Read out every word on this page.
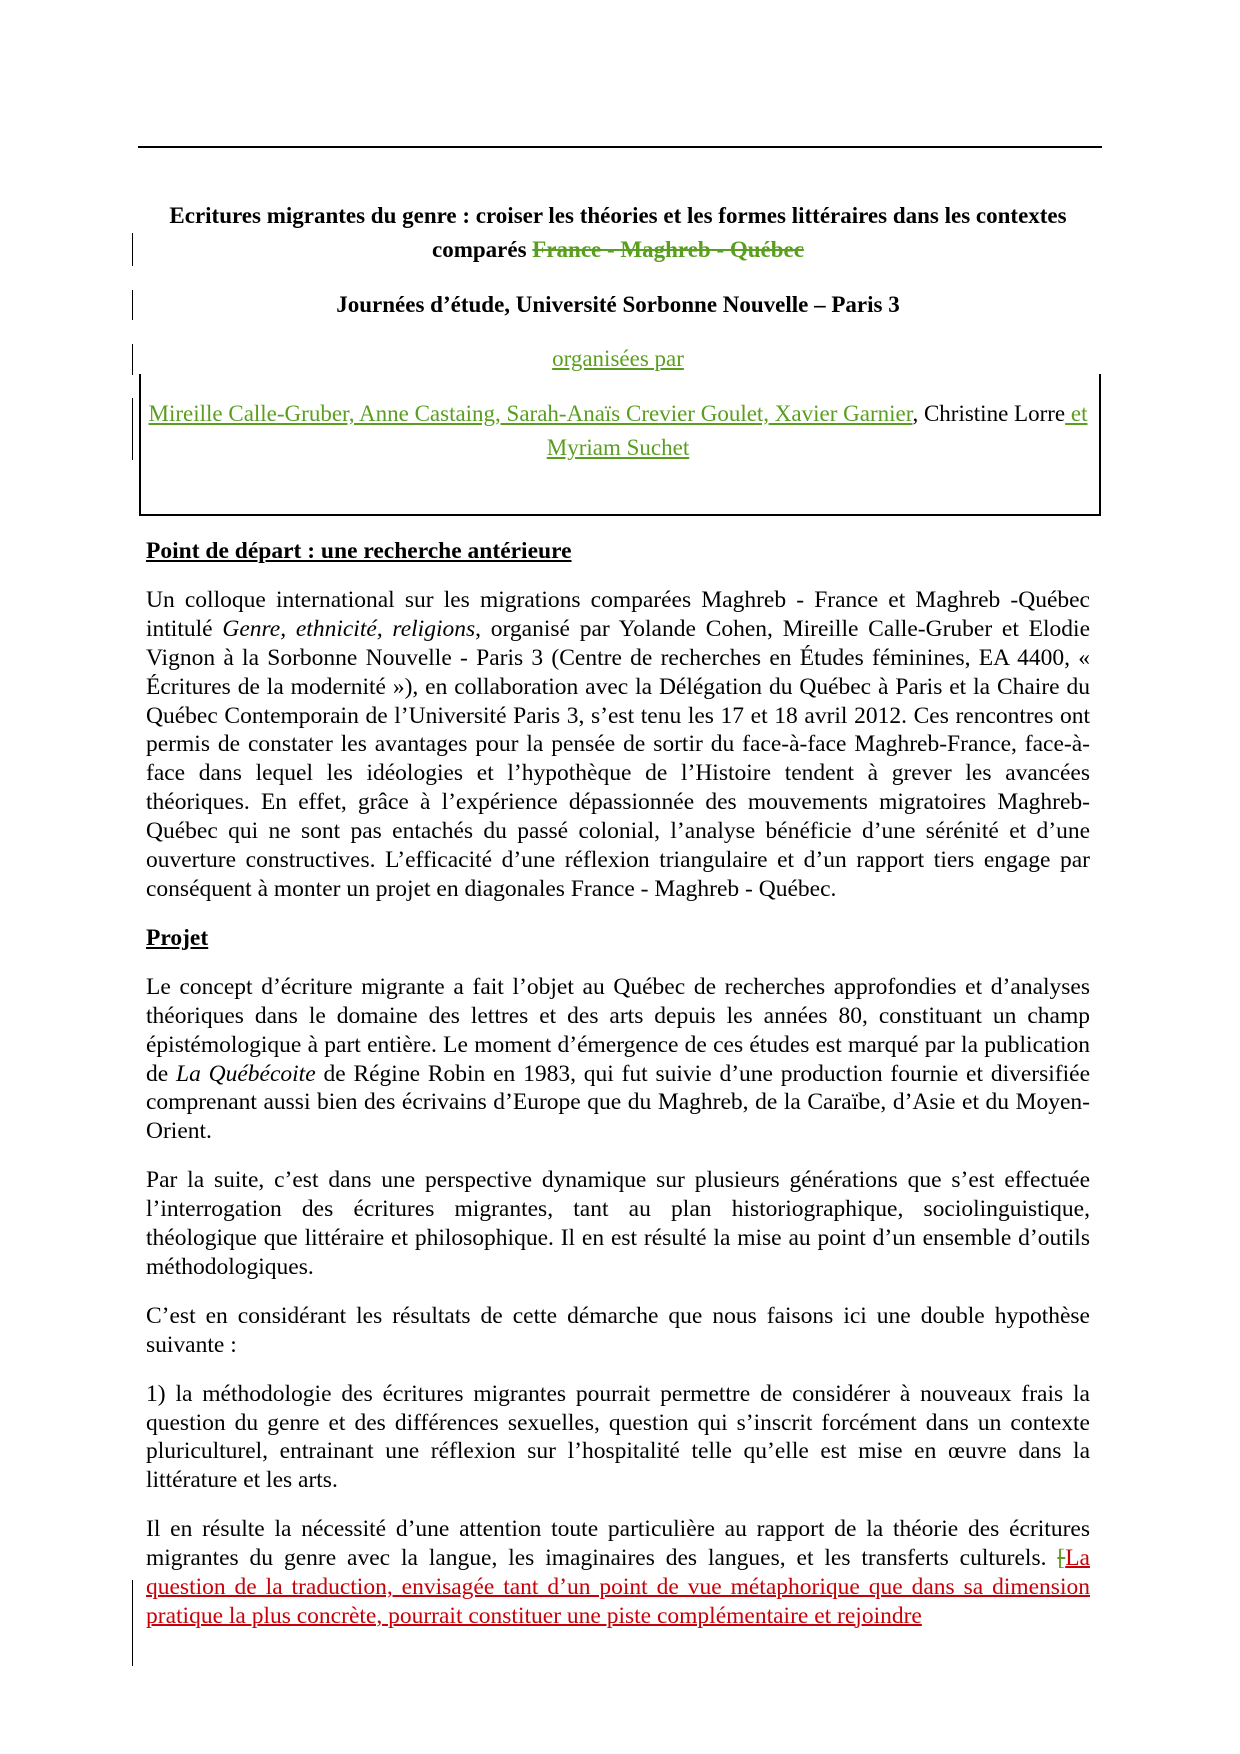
Ecritures migrantes du genre : croiser les théories et les formes littéraires dans les contextes comparés France - Maghreb - Québec
Journées d’étude, Université Sorbonne Nouvelle – Paris 3
organisées par
Mireille Calle-Gruber, Anne Castaing, Sarah-Anaïs Crevier Goulet, Xavier Garnier, Christine Lorre et Myriam Suchet
Point de départ : une recherche antérieure

Un colloque international sur les migrations comparées Maghreb - France et Maghreb -Québec intitulé Genre, ethnicité, religions, organisé par Yolande Cohen, Mireille Calle-Gruber et Elodie Vignon à la Sorbonne Nouvelle - Paris 3 (Centre de recherches en Études féminines, EA 4400, « Écritures de la modernité »), en collaboration avec la Délégation du Québec à Paris et la Chaire du Québec Contemporain de l’Université Paris 3, s’est tenu les 17 et 18 avril 2012. Ces rencontres ont permis de constater les avantages pour la pensée de sortir du face-à-face Maghreb-France, face-à-face dans lequel les idéologies et l’hypothèque de l’Histoire tendent à grever les avancées théoriques. En effet, grâce à l’expérience dépassionnée des mouvements migratoires Maghreb-Québec qui ne sont pas entachés du passé colonial, l’analyse bénéficie d’une sérénité et d’une ouverture constructives. L’efficacité d’une réflexion triangulaire et d’un rapport tiers engage par conséquent à monter un projet en diagonales France - Maghreb - Québec.

Projet

Le concept d’écriture migrante a fait l’objet au Québec de recherches approfondies et d’analyses théoriques dans le domaine des lettres et des arts depuis les années 80, constituant un champ épistémologique à part entière. Le moment d’émergence de ces études est marqué par la publication de La Québécoite de Régine Robin en 1983, qui fut suivie d’une production fournie et diversifiée comprenant aussi bien des écrivains d’Europe que du Maghreb, de la Caraïbe, d’Asie et du Moyen-Orient.

Par la suite, c’est dans une perspective dynamique sur plusieurs générations que s’est effectuée l’interrogation des écritures migrantes, tant au plan historiographique, sociolinguistique, théologique que littéraire et philosophique. Il en est résulté la mise au point d’un ensemble d’outils méthodologiques.

C’est en considérant les résultats de cette démarche que nous faisons ici une double hypothèse suivante :

1) la méthodologie des écritures migrantes pourrait permettre de considérer à nouveaux frais la question du genre et des différences sexuelles, question qui s’inscrit forcément dans un contexte pluriculturel, entrainant une réflexion sur l’hospitalité telle qu’elle est mise en œuvre dans la littérature et les arts.

Il en résulte la nécessité d’une attention toute particulière au rapport de la théorie des écritures migrantes du genre avec la langue, les imaginaires des langues, et les transferts culturels. [La question de la traduction, envisagée tant d’un point de vue métaphorique que dans sa dimension pratique la plus concrète, pourrait constituer une piste complémentaire et rejoindre
